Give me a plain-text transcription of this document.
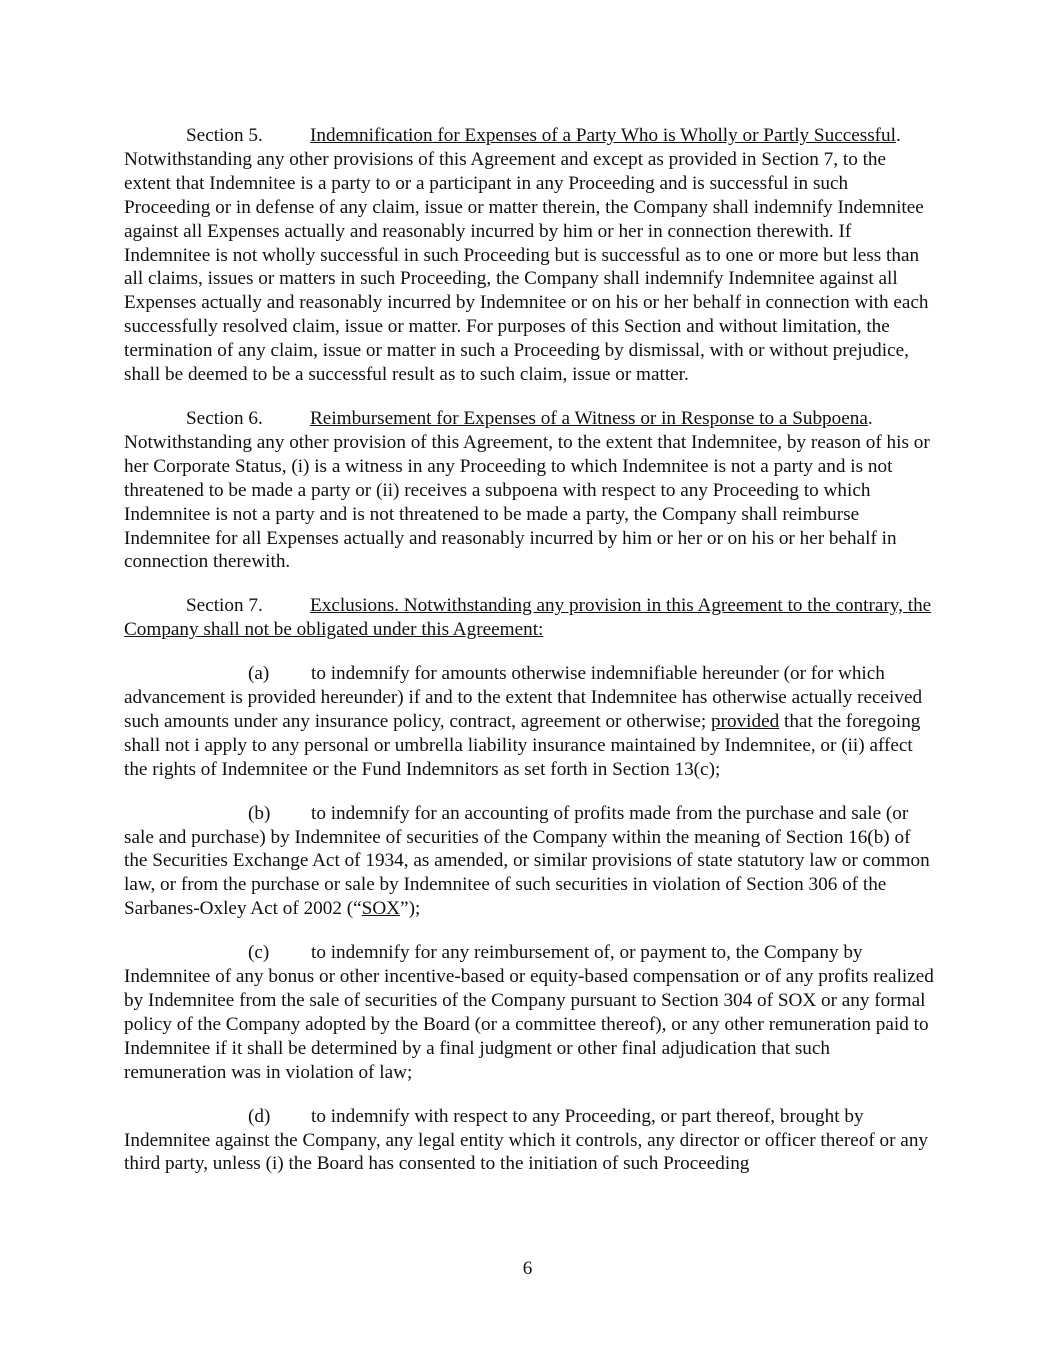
Section 5. Indemnification for Expenses of a Party Who is Wholly or Partly Successful. Notwithstanding any other provisions of this Agreement and except as provided in Section 7, to the extent that Indemnitee is a party to or a participant in any Proceeding and is successful in such Proceeding or in defense of any claim, issue or matter therein, the Company shall indemnify Indemnitee against all Expenses actually and reasonably incurred by him or her in connection therewith. If Indemnitee is not wholly successful in such Proceeding but is successful as to one or more but less than all claims, issues or matters in such Proceeding, the Company shall indemnify Indemnitee against all Expenses actually and reasonably incurred by Indemnitee or on his or her behalf in connection with each successfully resolved claim, issue or matter. For purposes of this Section and without limitation, the termination of any claim, issue or matter in such a Proceeding by dismissal, with or without prejudice, shall be deemed to be a successful result as to such claim, issue or matter.

Section 6. Reimbursement for Expenses of a Witness or in Response to a Subpoena. Notwithstanding any other provision of this Agreement, to the extent that Indemnitee, by reason of his or her Corporate Status, (i) is a witness in any Proceeding to which Indemnitee is not a party and is not threatened to be made a party or (ii) receives a subpoena with respect to any Proceeding to which Indemnitee is not a party and is not threatened to be made a party, the Company shall reimburse Indemnitee for all Expenses actually and reasonably incurred by him or her or on his or her behalf in connection therewith.

Section 7. Exclusions. Notwithstanding any provision in this Agreement to the contrary, the Company shall not be obligated under this Agreement:

(a) to indemnify for amounts otherwise indemnifiable hereunder (or for which advancement is provided hereunder) if and to the extent that Indemnitee has otherwise actually received such amounts under any insurance policy, contract, agreement or otherwise; provided that the foregoing shall not i apply to any personal or umbrella liability insurance maintained by Indemnitee, or (ii) affect the rights of Indemnitee or the Fund Indemnitors as set forth in Section 13(c);

(b) to indemnify for an accounting of profits made from the purchase and sale (or sale and purchase) by Indemnitee of securities of the Company within the meaning of Section 16(b) of the Securities Exchange Act of 1934, as amended, or similar provisions of state statutory law or common law, or from the purchase or sale by Indemnitee of such securities in violation of Section 306 of the Sarbanes-Oxley Act of 2002 (“SOX”);

(c) to indemnify for any reimbursement of, or payment to, the Company by Indemnitee of any bonus or other incentive-based or equity-based compensation or of any profits realized by Indemnitee from the sale of securities of the Company pursuant to Section 304 of SOX or any formal policy of the Company adopted by the Board (or a committee thereof), or any other remuneration paid to Indemnitee if it shall be determined by a final judgment or other final adjudication that such remuneration was in violation of law;

(d) to indemnify with respect to any Proceeding, or part thereof, brought by Indemnitee against the Company, any legal entity which it controls, any director or officer thereof or any third party, unless (i) the Board has consented to the initiation of such Proceeding

6
